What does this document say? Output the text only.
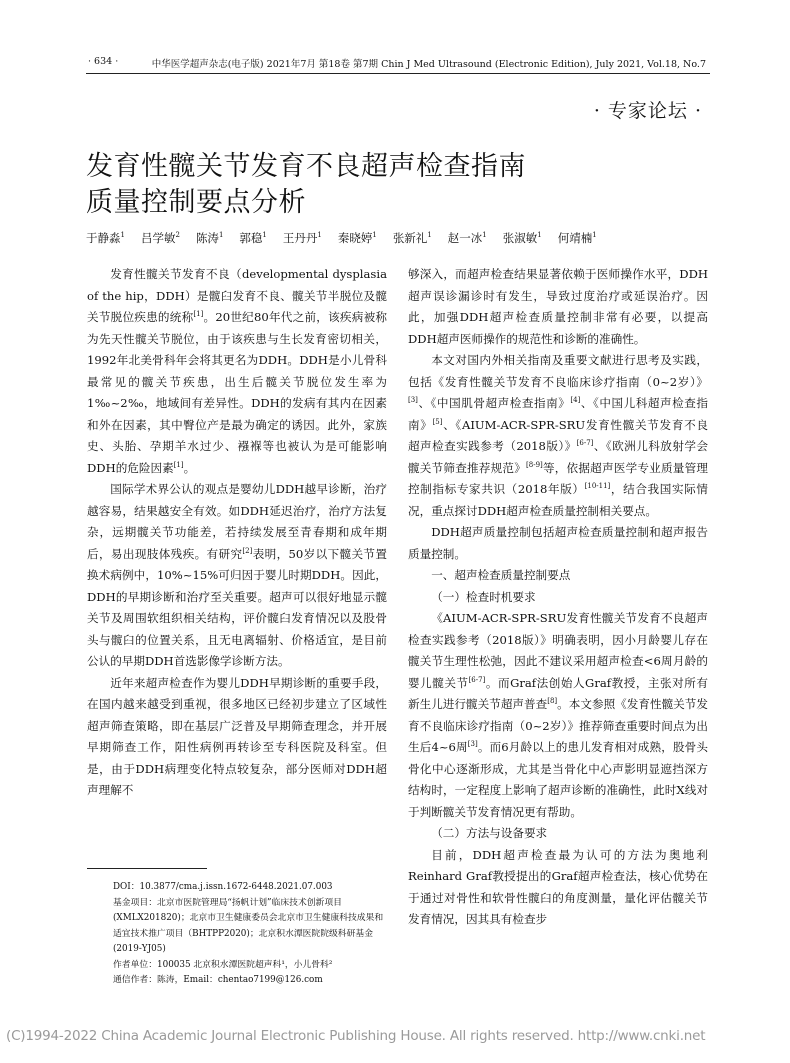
· 634 ·	中华医学超声杂志(电子版) 2021年7月 第18卷 第7期 Chin J Med Ultrasound (Electronic Edition), July 2021, Vol.18, No.7
· 专家论坛 ·
发育性髋关节发育不良超声检查指南
质量控制要点分析
于静淼$^1$ 吕学敏$^2$ 陈涛$^1$ 郭稳$^1$ 王丹丹$^1$ 秦晓婷$^1$ 张新礼$^1$ 赵一冰$^1$ 张淑敏$^1$ 何靖楠$^1$

发育性髋关节发育不良（developmental dysplasia of the hip，DDH）是髋臼发育不良、髋关节半脱位及髋关节脱位疾患的统称[1]。20世纪80年代之前，该疾病被称为先天性髋关节脱位，由于该疾患与生长发育密切相关，1992年北美骨科年会将其更名为DDH。DDH是小儿骨科最常见的髋关节疾患，出生后髋关节脱位发生率为1‰~2‰，地域间有差异性。DDH的发病有其内在因素和外在因素，其中臀位产是最为确定的诱因。此外，家族史、头胎、孕期羊水过少、襁褓等也被认为是可能影响DDH的危险因素[1]。

国际学术界公认的观点是婴幼儿DDH越早诊断，治疗越容易，结果越安全有效。如DDH延迟治疗，治疗方法复杂，远期髋关节功能差，若持续发展至青春期和成年期后，易出现肢体残疾。有研究[2]表明，50岁以下髋关节置换术病例中，10%~15%可归因于婴儿时期DDH。因此，DDH的早期诊断和治疗至关重要。超声可以很好地显示髋关节及周围软组织相关结构，评价髋臼发育情况以及股骨头与髋臼的位置关系，且无电离辐射、价格适宜，是目前公认的早期DDH首选影像学诊断方法。

近年来超声检查作为婴儿DDH早期诊断的重要手段，在国内越来越受到重视，很多地区已经初步建立了区域性超声筛查策略，即在基层广泛普及早期筛查理念，并开展早期筛查工作，阳性病例再转诊至专科医院及科室。但是，由于DDH病理变化特点较复杂，部分医师对DDH超声理解不

DOI：10.3877/cma.j.issn.1672-6448.2021.07.003
基金项目：北京市医院管理局“扬帆计划”临床技术创新项目(XMLX201820)；北京市卫生健康委员会北京市卫生健康科技成果和适宜技术推广项目（BHTPP2020)；北京积水潭医院院级科研基金(2019-YJ05)
作者单位：100035 北京积水潭医院超声科¹，小儿骨科²
通信作者：陈涛，Email：chentao7199@126.com

够深入，而超声检查结果显著依赖于医师操作水平，DDH超声误诊漏诊时有发生，导致过度治疗或延误治疗。因此，加强DDH超声检查质量控制非常有必要，以提高DDH超声医师操作的规范性和诊断的准确性。

本文对国内外相关指南及重要文献进行思考及实践，包括《发育性髋关节发育不良临床诊疗指南（0~2岁）》[3]、《中国肌骨超声检查指南》[4]、《中国儿科超声检查指南》[5]、《AIUM-ACR-SPR-SRU发育性髋关节发育不良超声检查实践参考（2018版）》[6-7]、《欧洲儿科放射学会髋关节筛查推荐规范》[8-9]等，依据超声医学专业质量管理控制指标专家共识（2018年版）[10-11]，结合我国实际情况，重点探讨DDH超声检查质量控制相关要点。

DDH超声质量控制包括超声检查质量控制和超声报告质量控制。

一、超声检查质量控制要点
（一）检查时机要求

《AIUM-ACR-SPR-SRU发育性髋关节发育不良超声检查实践参考（2018版）》明确表明，因小月龄婴儿存在髋关节生理性松弛，因此不建议采用超声检查<6周月龄的婴儿髋关节[6-7]。而Graf法创始人Graf教授，主张对所有新生儿进行髋关节超声普查[8]。本文参照《发育性髋关节发育不良临床诊疗指南（0~2岁）》推荐筛查重要时间点为出生后4~6周[3]。而6月龄以上的患儿发育相对成熟，股骨头骨化中心逐渐形成，尤其是当骨化中心声影明显遮挡深方结构时，一定程度上影响了超声诊断的准确性，此时X线对于判断髋关节发育情况更有帮助。

（二）方法与设备要求

目前，DDH超声检查最为认可的方法为奥地利Reinhard Graf教授提出的Graf超声检查法，核心优势在于通过对骨性和软骨性髋臼的角度测量，量化评估髋关节发育情况，因其具有检查步

(C)1994-2022 China Academic Journal Electronic Publishing House. All rights reserved. http://www.cnki.net
